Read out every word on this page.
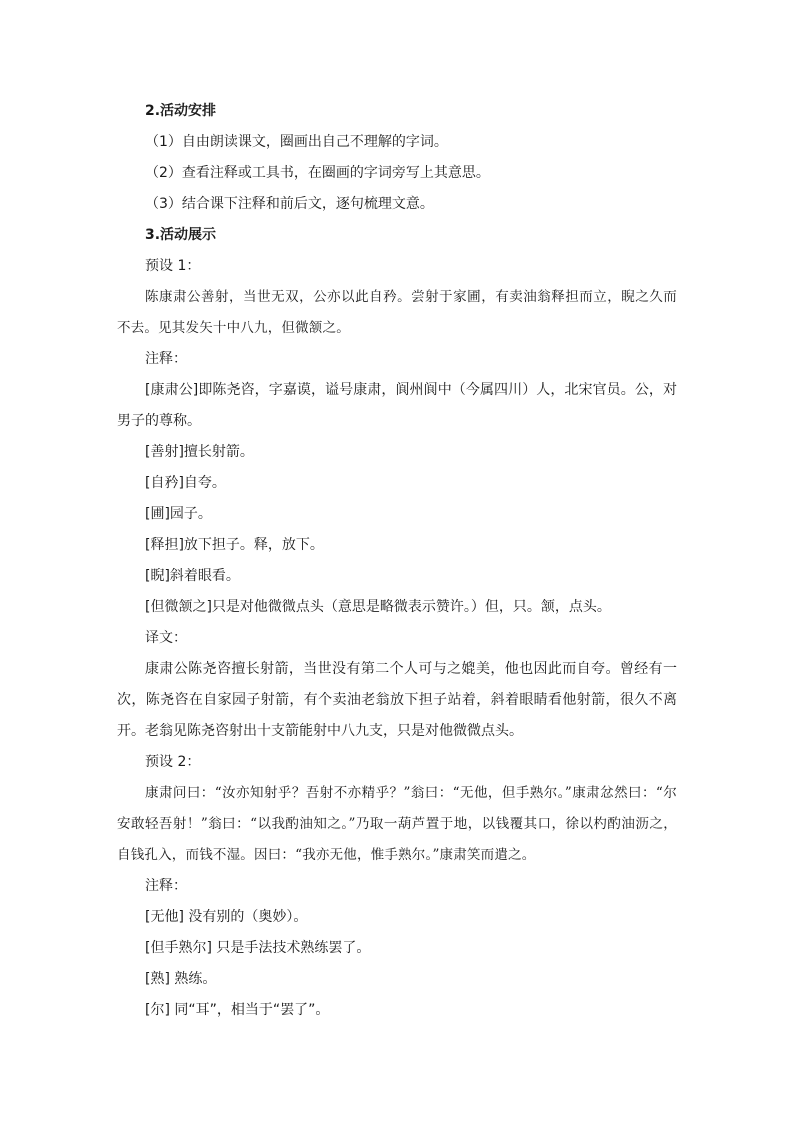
2.活动安排
（1）自由朗读课文，圈画出自己不理解的字词。
（2）查看注释或工具书，在圈画的字词旁写上其意思。
（3）结合课下注释和前后文，逐句梳理文意。
3.活动展示
预设 1：
陈康肃公善射，当世无双，公亦以此自矜。尝射于家圃，有卖油翁释担而立，睨之久而不去。见其发矢十中八九，但微颔之。
注释：
[康肃公]即陈尧咨，字嘉谟，谥号康肃，阆州阆中（今属四川）人，北宋官员。公，对男子的尊称。
[善射]擅长射箭。
[自矜]自夸。
[圃]园子。
[释担]放下担子。释，放下。
[睨]斜着眼看。
[但微颔之]只是对他微微点头（意思是略微表示赞许。）但，只。颔，点头。
译文：
康肃公陈尧咨擅长射箭，当世没有第二个人可与之媲美，他也因此而自夸。曾经有一次，陈尧咨在自家园子射箭，有个卖油老翁放下担子站着，斜着眼睛看他射箭，很久不离开。老翁见陈尧咨射出十支箭能射中八九支，只是对他微微点头。
预设 2：
康肃问曰：“汝亦知射乎？吾射不亦精乎？”翁曰：“无他，但手熟尔。”康肃忿然曰：“尔安敢轻吾射！”翁曰：“以我酌油知之。”乃取一葫芦置于地，以钱覆其口，徐以杓酌油沥之，自钱孔入，而钱不湿。因曰：“我亦无他，惟手熟尔。”康肃笑而遣之。
注释：
[无他] 没有别的（奥妙）。
[但手熟尔] 只是手法技术熟练罢了。
[熟] 熟练。
[尔] 同“耳”，相当于“罢了”。
